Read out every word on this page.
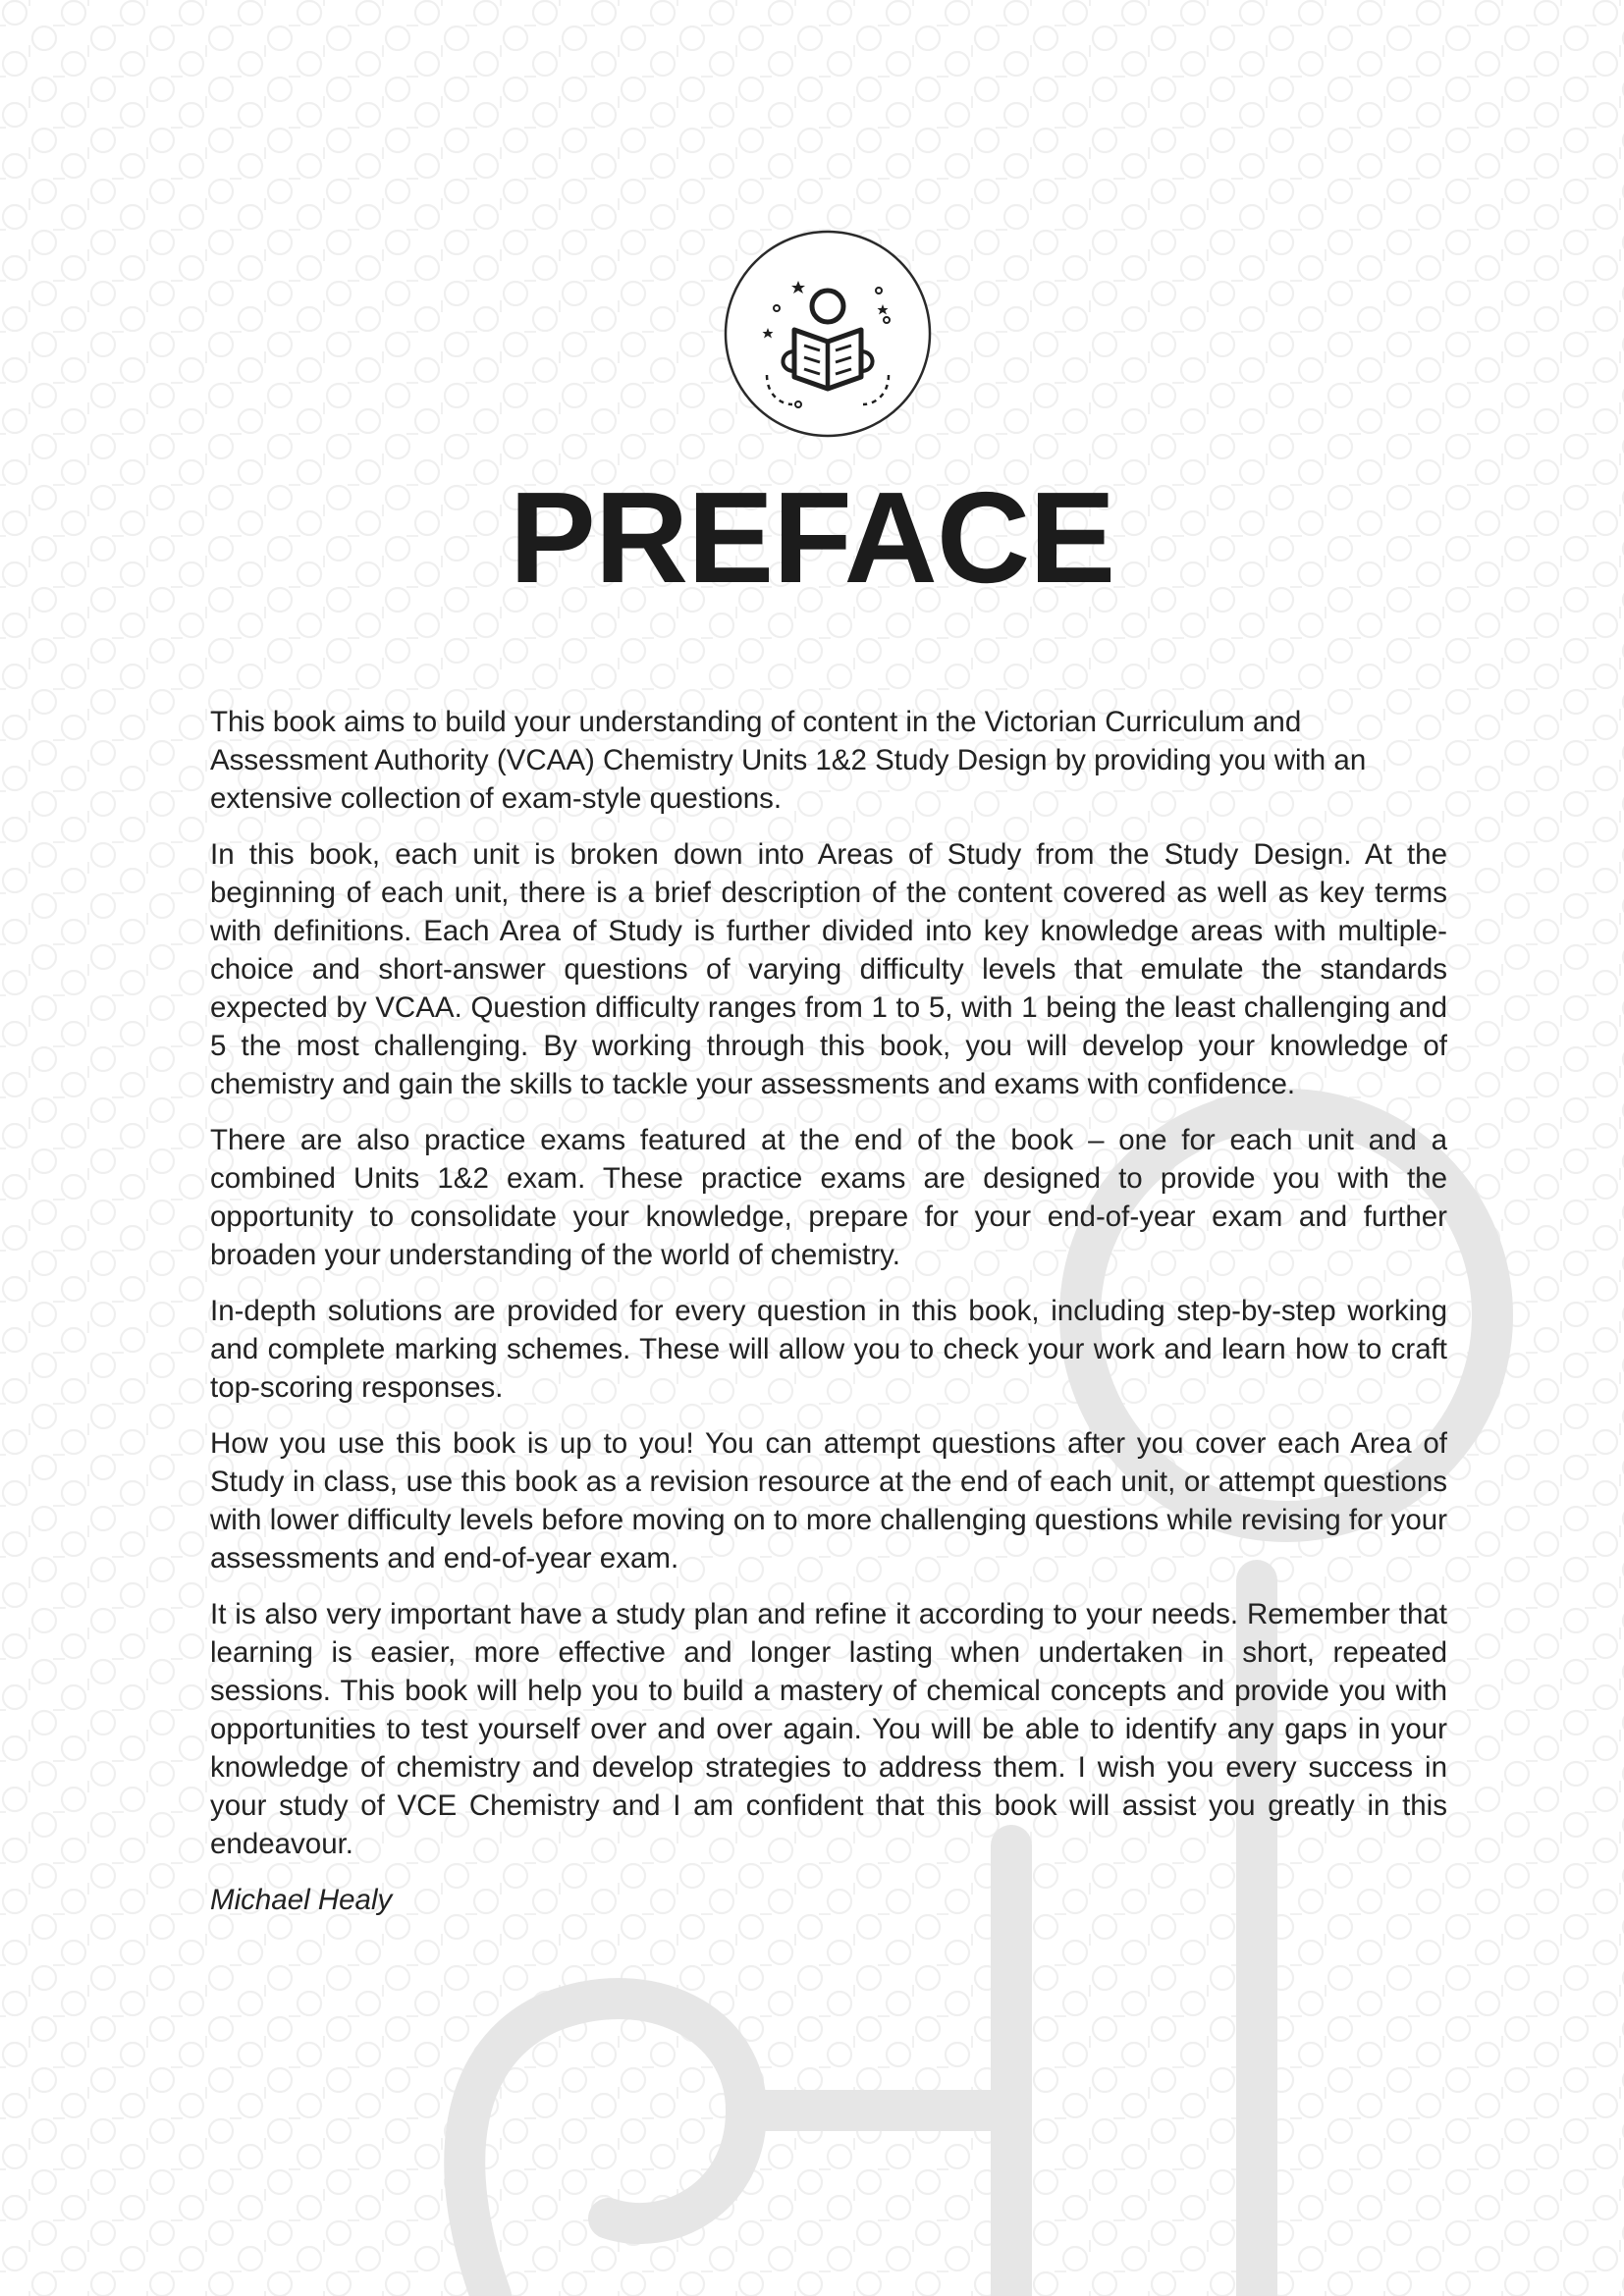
PREFACE

This book aims to build your understanding of content in the Victorian Curriculum and Assessment Authority (VCAA) Chemistry Units 1&2 Study Design by providing you with an extensive collection of exam-style questions.

In this book, each unit is broken down into Areas of Study from the Study Design. At the beginning of each unit, there is a brief description of the content covered as well as key terms with definitions. Each Area of Study is further divided into key knowledge areas with multiple-choice and short-answer questions of varying difficulty levels that emulate the standards expected by VCAA. Question difficulty ranges from 1 to 5, with 1 being the least challenging and 5 the most challenging. By working through this book, you will develop your knowledge of chemistry and gain the skills to tackle your assessments and exams with confidence.

There are also practice exams featured at the end of the book – one for each unit and a combined Units 1&2 exam. These practice exams are designed to provide you with the opportunity to consolidate your knowledge, prepare for your end-of-year exam and further broaden your understanding of the world of chemistry.

In-depth solutions are provided for every question in this book, including step-by-step working and complete marking schemes. These will allow you to check your work and learn how to craft top-scoring responses.

How you use this book is up to you! You can attempt questions after you cover each Area of Study in class, use this book as a revision resource at the end of each unit, or attempt questions with lower difficulty levels before moving on to more challenging questions while revising for your assessments and end-of-year exam.

It is also very important have a study plan and refine it according to your needs. Remember that learning is easier, more effective and longer lasting when undertaken in short, repeated sessions. This book will help you to build a mastery of chemical concepts and provide you with opportunities to test yourself over and over again. You will be able to identify any gaps in your knowledge of chemistry and develop strategies to address them. I wish you every success in your study of VCE Chemistry and I am confident that this book will assist you greatly in this endeavour.

Michael Healy
